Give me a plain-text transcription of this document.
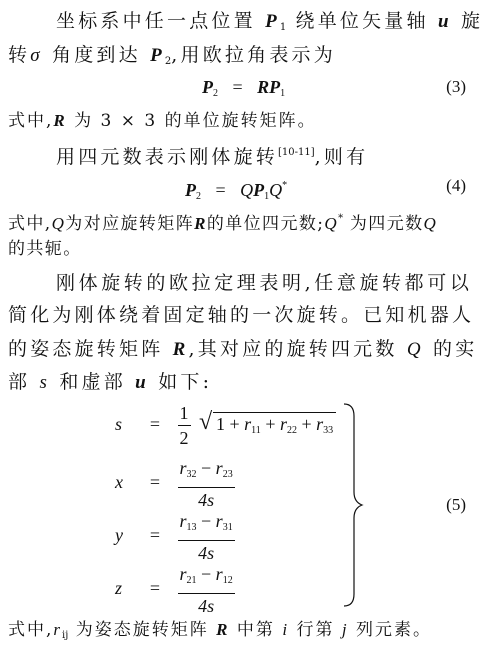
坐标系中任一点位置 $P_1$ 绕单位矢量轴 u 旋
转σ 角度到达 $P_2$,用欧拉角表示为
$P_2 = RP_1$	(3)
式中,R 为 3 × 3 的单位旋转矩阵。
用四元数表示刚体旋转[10-11],则有
$P_2 = QP_1Q^*$	(4)
式中,Q为对应旋转矩阵R的单位四元数;Q* 为四元数Q
的共轭。
刚体旋转的欧拉定理表明,任意旋转都可以
简化为刚体绕着固定轴的一次旋转。已知机器人
的姿态旋转矩阵 R,其对应的旋转四元数 Q 的实
部 s 和虚部 u 如下:
$s = \frac{1}{2}$
√ $1 + r_{11} + r_{22} + r_{33}$
$x = \frac{r_{32} - r_{23}}{4s}$
$y = \frac{r_{13} - r_{31}}{4s}$
$z = \frac{r_{21} - r_{12}}{4s}$
(5)
式中$,r_{ij}$ 为姿态旋转矩阵 R 中第 i 行第 j 列元素。
